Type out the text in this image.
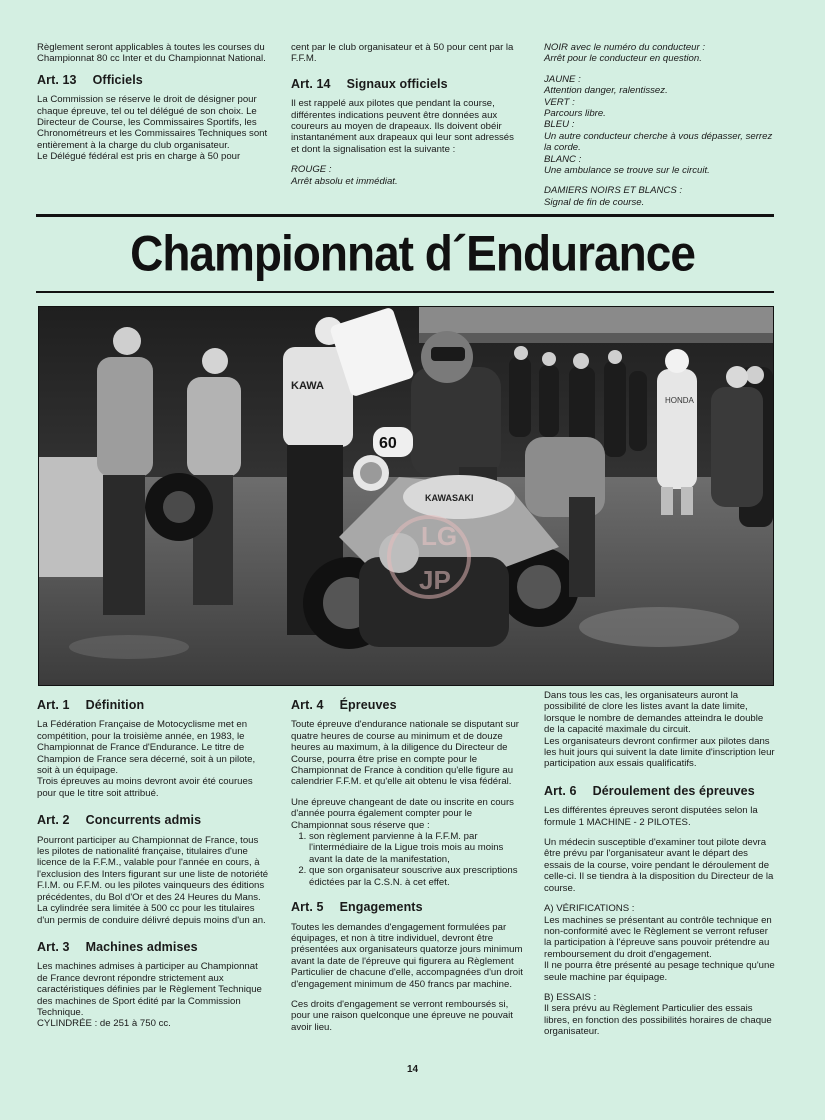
Règlement seront applicables à toutes les courses du Championnat 80 cc Inter et du Championnat National.

Art. 13 Officiels

La Commission se réserve le droit de désigner pour chaque épreuve, tel ou tel délégué de son choix. Le Directeur de Course, les Commissaires Sportifs, les Chronométreurs et les Commissaires Techniques sont entièrement à la charge du club organisateur.

Le Délégué fédéral est pris en charge à 50 pour

cent par le club organisateur et à 50 pour cent par la F.F.M.

Art. 14 Signaux officiels

Il est rappelé aux pilotes que pendant la course, différentes indications peuvent être données aux coureurs au moyen de drapeaux. Ils doivent obéir instantanément aux drapeaux qui leur sont adressés et dont la signalisation est la suivante :

ROUGE :

Arrêt absolu et immédiat.

NOIR avec le numéro du conducteur :

Arrêt pour le conducteur en question.

JAUNE :

Attention danger, ralentissez.

VERT :

Parcours libre.

BLEU :

Un autre conducteur cherche à vous dépasser, serrez la corde.

BLANC :

Une ambulance se trouve sur le circuit.

DAMIERS NOIRS ET BLANCS :

Signal de fin de course.

Championnat d´Endurance
HONDA
KAWA
KAWASAKI
60
LG
JP
Art. 1 Définition

La Fédération Française de Motocyclisme met en compétition, pour la troisième année, en 1983, le Championnat de France d'Endurance. Le titre de Champion de France sera décerné, soit à un pilote, soit à un équipage.

Trois épreuves au moins devront avoir été courues pour que le titre soit attribué.

Art. 2 Concurrents admis

Pourront participer au Championnat de France, tous les pilotes de nationalité française, titulaires d'une licence de la F.F.M., valable pour l'année en cours, à l'exclusion des Inters figurant sur une liste de notoriété F.I.M. ou F.F.M. ou les pilotes vainqueurs des éditions précédentes, du Bol d'Or et des 24 Heures du Mans.

La cylindrée sera limitée à 500 cc pour les titulaires d'un permis de conduire délivré depuis moins d'un an.

Art. 3 Machines admises

Les machines admises à participer au Championnat de France devront répondre strictement aux caractéristiques définies par le Règlement Technique des machines de Sport édité par la Commission Technique.

CYLINDRÉE : de 251 à 750 cc.

Art. 4 Épreuves

Toute épreuve d'endurance nationale se disputant sur quatre heures de course au minimum et de douze heures au maximum, à la diligence du Directeur de Course, pourra être prise en compte pour le Championnat de France à condition qu'elle figure au calendrier F.F.M. et qu'elle ait obtenu le visa fédéral.

Une épreuve changeant de date ou inscrite en cours d'année pourra également compter pour le Championnat sous réserve que :

1. son règlement parvienne à la F.F.M. par l'intermédiaire de la Ligue trois mois au moins avant la date de la manifestation,
2. que son organisateur souscrive aux prescriptions édictées par la C.S.N. à cet effet.
Art. 5 Engagements

Toutes les demandes d'engagement formulées par équipages, et non à titre individuel, devront être présentées aux organisateurs quatorze jours minimum avant la date de l'épreuve qui figurera au Règlement Particulier de chacune d'elle, accompagnées d'un droit d'engagement minimum de 450 francs par machine.

Ces droits d'engagement se verront remboursés si, pour une raison quelconque une épreuve ne pouvait avoir lieu.

Dans tous les cas, les organisateurs auront la possibilité de clore les listes avant la date limite, lorsque le nombre de demandes atteindra le double de la capacité maximale du circuit.

Les organisateurs devront confirmer aux pilotes dans les huit jours qui suivent la date limite d'inscription leur participation aux essais qualificatifs.

Art. 6 Déroulement des épreuves

Les différentes épreuves seront disputées selon la formule 1 MACHINE - 2 PILOTES.

Un médecin susceptible d'examiner tout pilote devra être prévu par l'organisateur avant le départ des essais de la course, voire pendant le déroulement de celle-ci. Il se tiendra à la disposition du Directeur de la course.

A) VÉRIFICATIONS :

Les machines se présentant au contrôle technique en non-conformité avec le Règlement se verront refuser la participation à l'épreuve sans pouvoir prétendre au remboursement du droit d'engagement.

Il ne pourra être présenté au pesage technique qu'une seule machine par équipage.

B) ESSAIS :

Il sera prévu au Règlement Particulier des essais libres, en fonction des possibilités horaires de chaque organisateur.

14
